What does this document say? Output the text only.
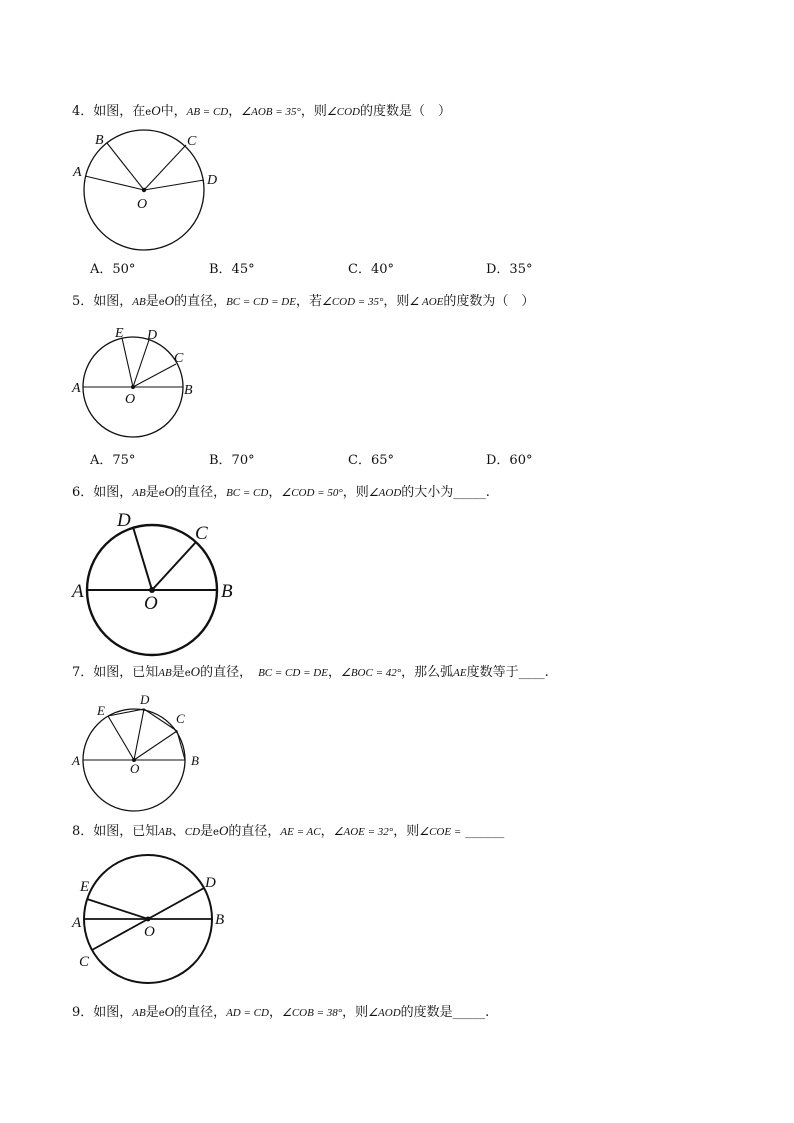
4．如图，在eO中，AB = CD，∠AOB = 35°，则∠COD的度数是（　）
A
B	C
D
O
A．50°	B．45°	C．40°	D．35°
5．如图，AB是eO的直径，BC = CD = DE，若∠COD = 35°，则∠ AOE的度数为（　）
A	B
C
D
E
O
A．75°	B．70°	C．65°	D．60°
6．如图，AB是eO的直径，BC = CD，∠COD = 50°，则∠AOD的大小为_____.
A	B
C
D
O
7．如图，已知AB是eO的直径， BC = CD = DE，∠BOC = 42°，那么弧AE度数等于____.
A	B
C
D
E
O
8．如图，已知AB、CD是eO的直径，AE = AC，∠AOE = 32°，则∠COE = ______
A	B
C
D
E
O
9．如图，AB是eO的直径，AD = CD，∠COB = 38°，则∠AOD的度数是_____.
